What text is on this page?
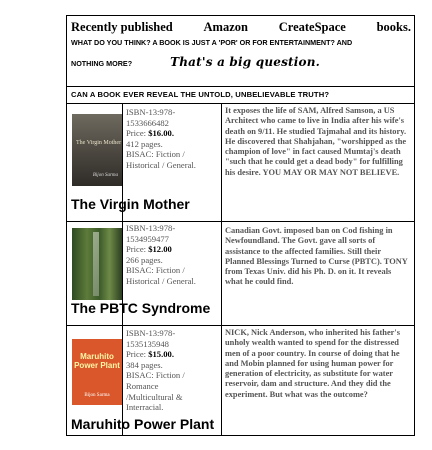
Recently published Amazon CreateSpace books.
WHAT DO YOU THINK? A BOOK IS JUST A 'POR' OR FOR ENTERTAINMENT? AND
NOTHING MORE?	That's a big question.
CAN A BOOK EVER REVEAL THE UNTOLD, UNBELIEVABLE TRUTH?
The Virgin Mother
Bijon Sarma
The Virgin Mother
ISBN-13:978-1533666482
Price: $16.00.
412 pages.
BISAC: Fiction / Historical / General.
It exposes the life of SAM, Alfred Samson, a US Architect who came to live in India after his wife's death on 9/11. He studied Tajmahal and its history. He discovered that Shahjahan, "worshipped as the champion of love" in fact caused Mumtaj's death "such that he could get a dead body" for fulfilling his desire. YOU MAY OR MAY NOT BELIEVE.
The PBTC Syndrome
ISBN-13:978-1534959477
Price: $12.00
266 pages.
BISAC: Fiction / Historical / General.
Canadian Govt. imposed ban on Cod fishing in Newfoundland. The Govt. gave all sorts of assistance to the affected families. Still their Planned Blessings Turned to Curse (PBTC). TONY from Texas Univ. did his Ph. D. on it. It reveals what he could find.
Maruhito Power Plant
Bijon Sarma
Maruhito Power Plant
ISBN-13:978-1535135948
Price: $15.00.
384 pages.
BISAC: Fiction / Romance /Multicultural & Interracial.
NICK, Nick Anderson, who inherited his father's unholy wealth wanted to spend for the distressed men of a poor country. In course of doing that he and Mobin planned for using human power for generation of electricity, as substitute for water reservoir, dam and structure. And they did the experiment. But what was the outcome?
